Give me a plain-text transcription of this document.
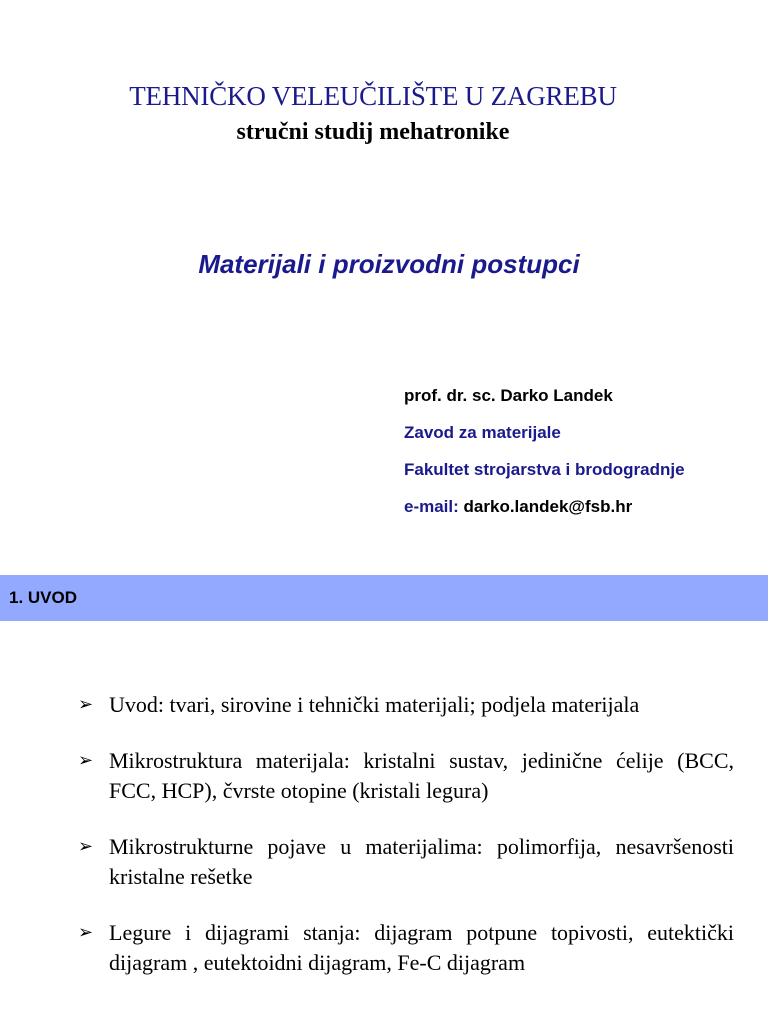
TEHNIČKO VELEUČILIŠTE U ZAGREBU
stručni studij mehatronike
Materijali i proizvodni postupci
prof. dr. sc. Darko Landek
Zavod za materijale
Fakultet strojarstva i brodogradnje
e-mail: darko.landek@fsb.hr
1. UVOD
➢ Uvod: tvari, sirovine i tehnički materijali; podjela materijala
➢ Mikrostruktura materijala: kristalni sustav, jedinične ćelije (BCC, FCC, HCP), čvrste otopine (kristali legura)
➢ Mikrostrukturne pojave u materijalima: polimorfija, nesavršenosti kristalne rešetke
➢ Legure i dijagrami stanja: dijagram potpune topivosti, eutektički dijagram , eutektoidni dijagram, Fe-C dijagram
